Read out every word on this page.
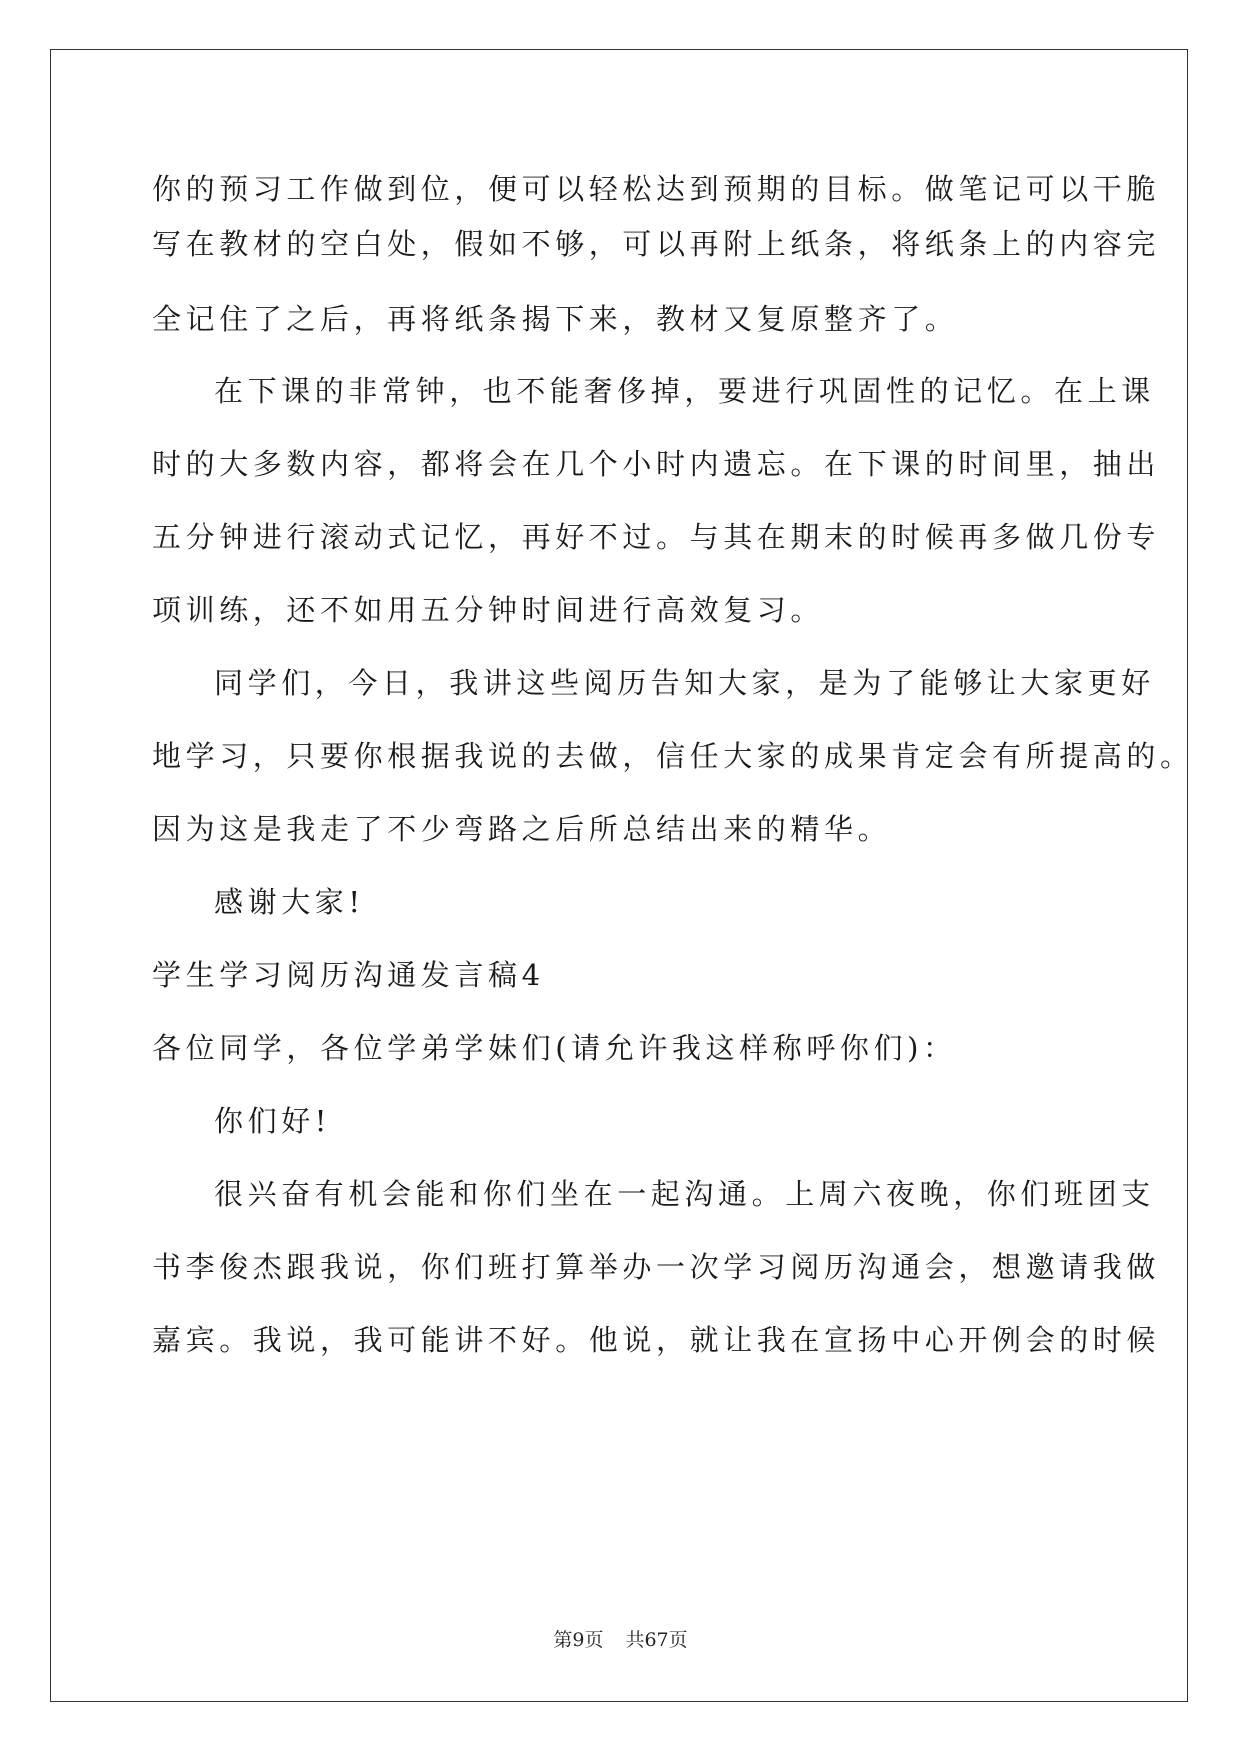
你的预习工作做到位，便可以轻松达到预期的目标。做笔记可以干脆
写在教材的空白处，假如不够，可以再附上纸条，将纸条上的内容完
全记住了之后，再将纸条揭下来，教材又复原整齐了。
在下课的非常钟，也不能奢侈掉，要进行巩固性的记忆。在上课
时的大多数内容，都将会在几个小时内遗忘。在下课的时间里，抽出
五分钟进行滚动式记忆，再好不过。与其在期末的时候再多做几份专
项训练，还不如用五分钟时间进行高效复习。
同学们，今日，我讲这些阅历告知大家，是为了能够让大家更好
地学习，只要你根据我说的去做，信任大家的成果肯定会有所提高的。
因为这是我走了不少弯路之后所总结出来的精华。
感谢大家!
学生学习阅历沟通发言稿4
各位同学，各位学弟学妹们(请允许我这样称呼你们)：
你们好!
很兴奋有机会能和你们坐在一起沟通。上周六夜晚，你们班团支
书李俊杰跟我说，你们班打算举办一次学习阅历沟通会，想邀请我做
嘉宾。我说，我可能讲不好。他说，就让我在宣扬中心开例会的时候
第9页 共67页
